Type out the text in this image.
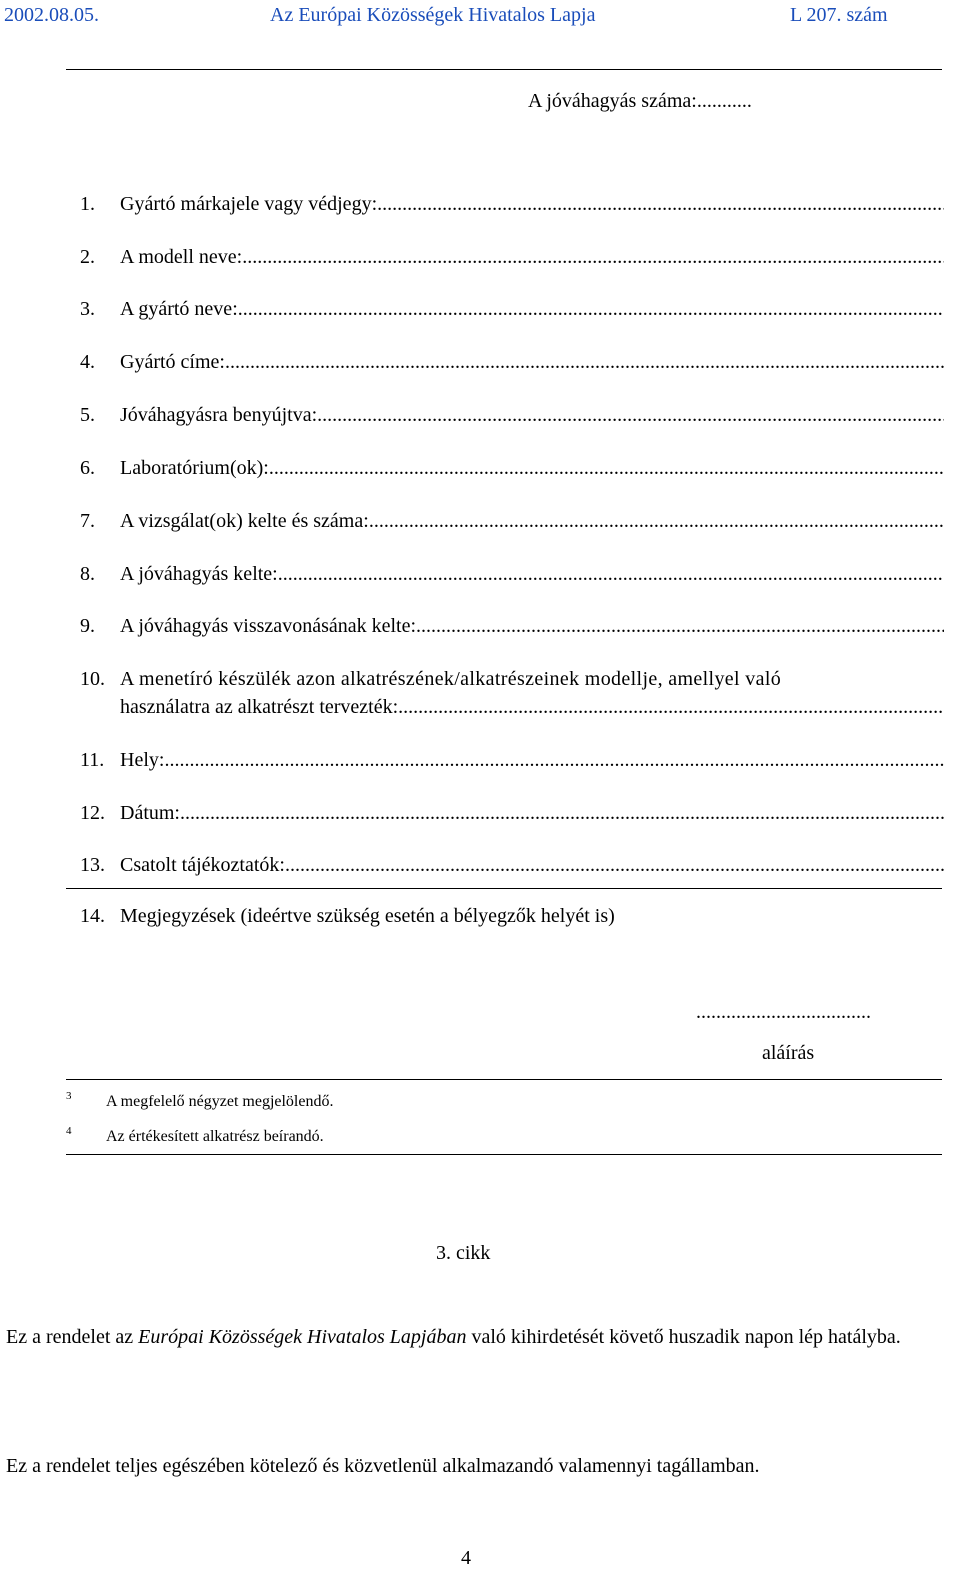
2002.08.05.	Az Európai Közösségek Hivatalos Lapja	L 207. szám
A jóváhagyás száma:...........
1.	Gyártó márkajele vagy védjegy:
.....
2.	A modell neve:
.....
3.	A gyártó neve:
.....
4.	Gyártó címe:
.....
5.	Jóváhagyásra benyújtva:
.....
6.	Laboratórium(ok):
.....
7.	A vizsgálat(ok) kelte és száma:
.....
8.	A jóváhagyás kelte:
.....
9.	A jóváhagyás visszavonásának kelte:
.....
10. A menetíró készülék azon alkatrészének/alkatrészeinek modellje, amellyel való
használatra az alkatrészt tervezték:
.....
11. Hely:
.....
12. Dátum:
.....
13. Csatolt tájékoztatók:
.....
14. Megjegyzések (ideértve szükség esetén a bélyegzők helyét is)
...................................
aláírás
3 A megfelelő négyzet megjelölendő.
4 Az értékesített alkatrész beírandó.
3. cikk
Ez a rendelet az Európai Közösségek Hivatalos Lapjában való kihirdetését követő huszadik napon lép hatályba.
Ez a rendelet teljes egészében kötelező és közvetlenül alkalmazandó valamennyi tagállamban.
4
